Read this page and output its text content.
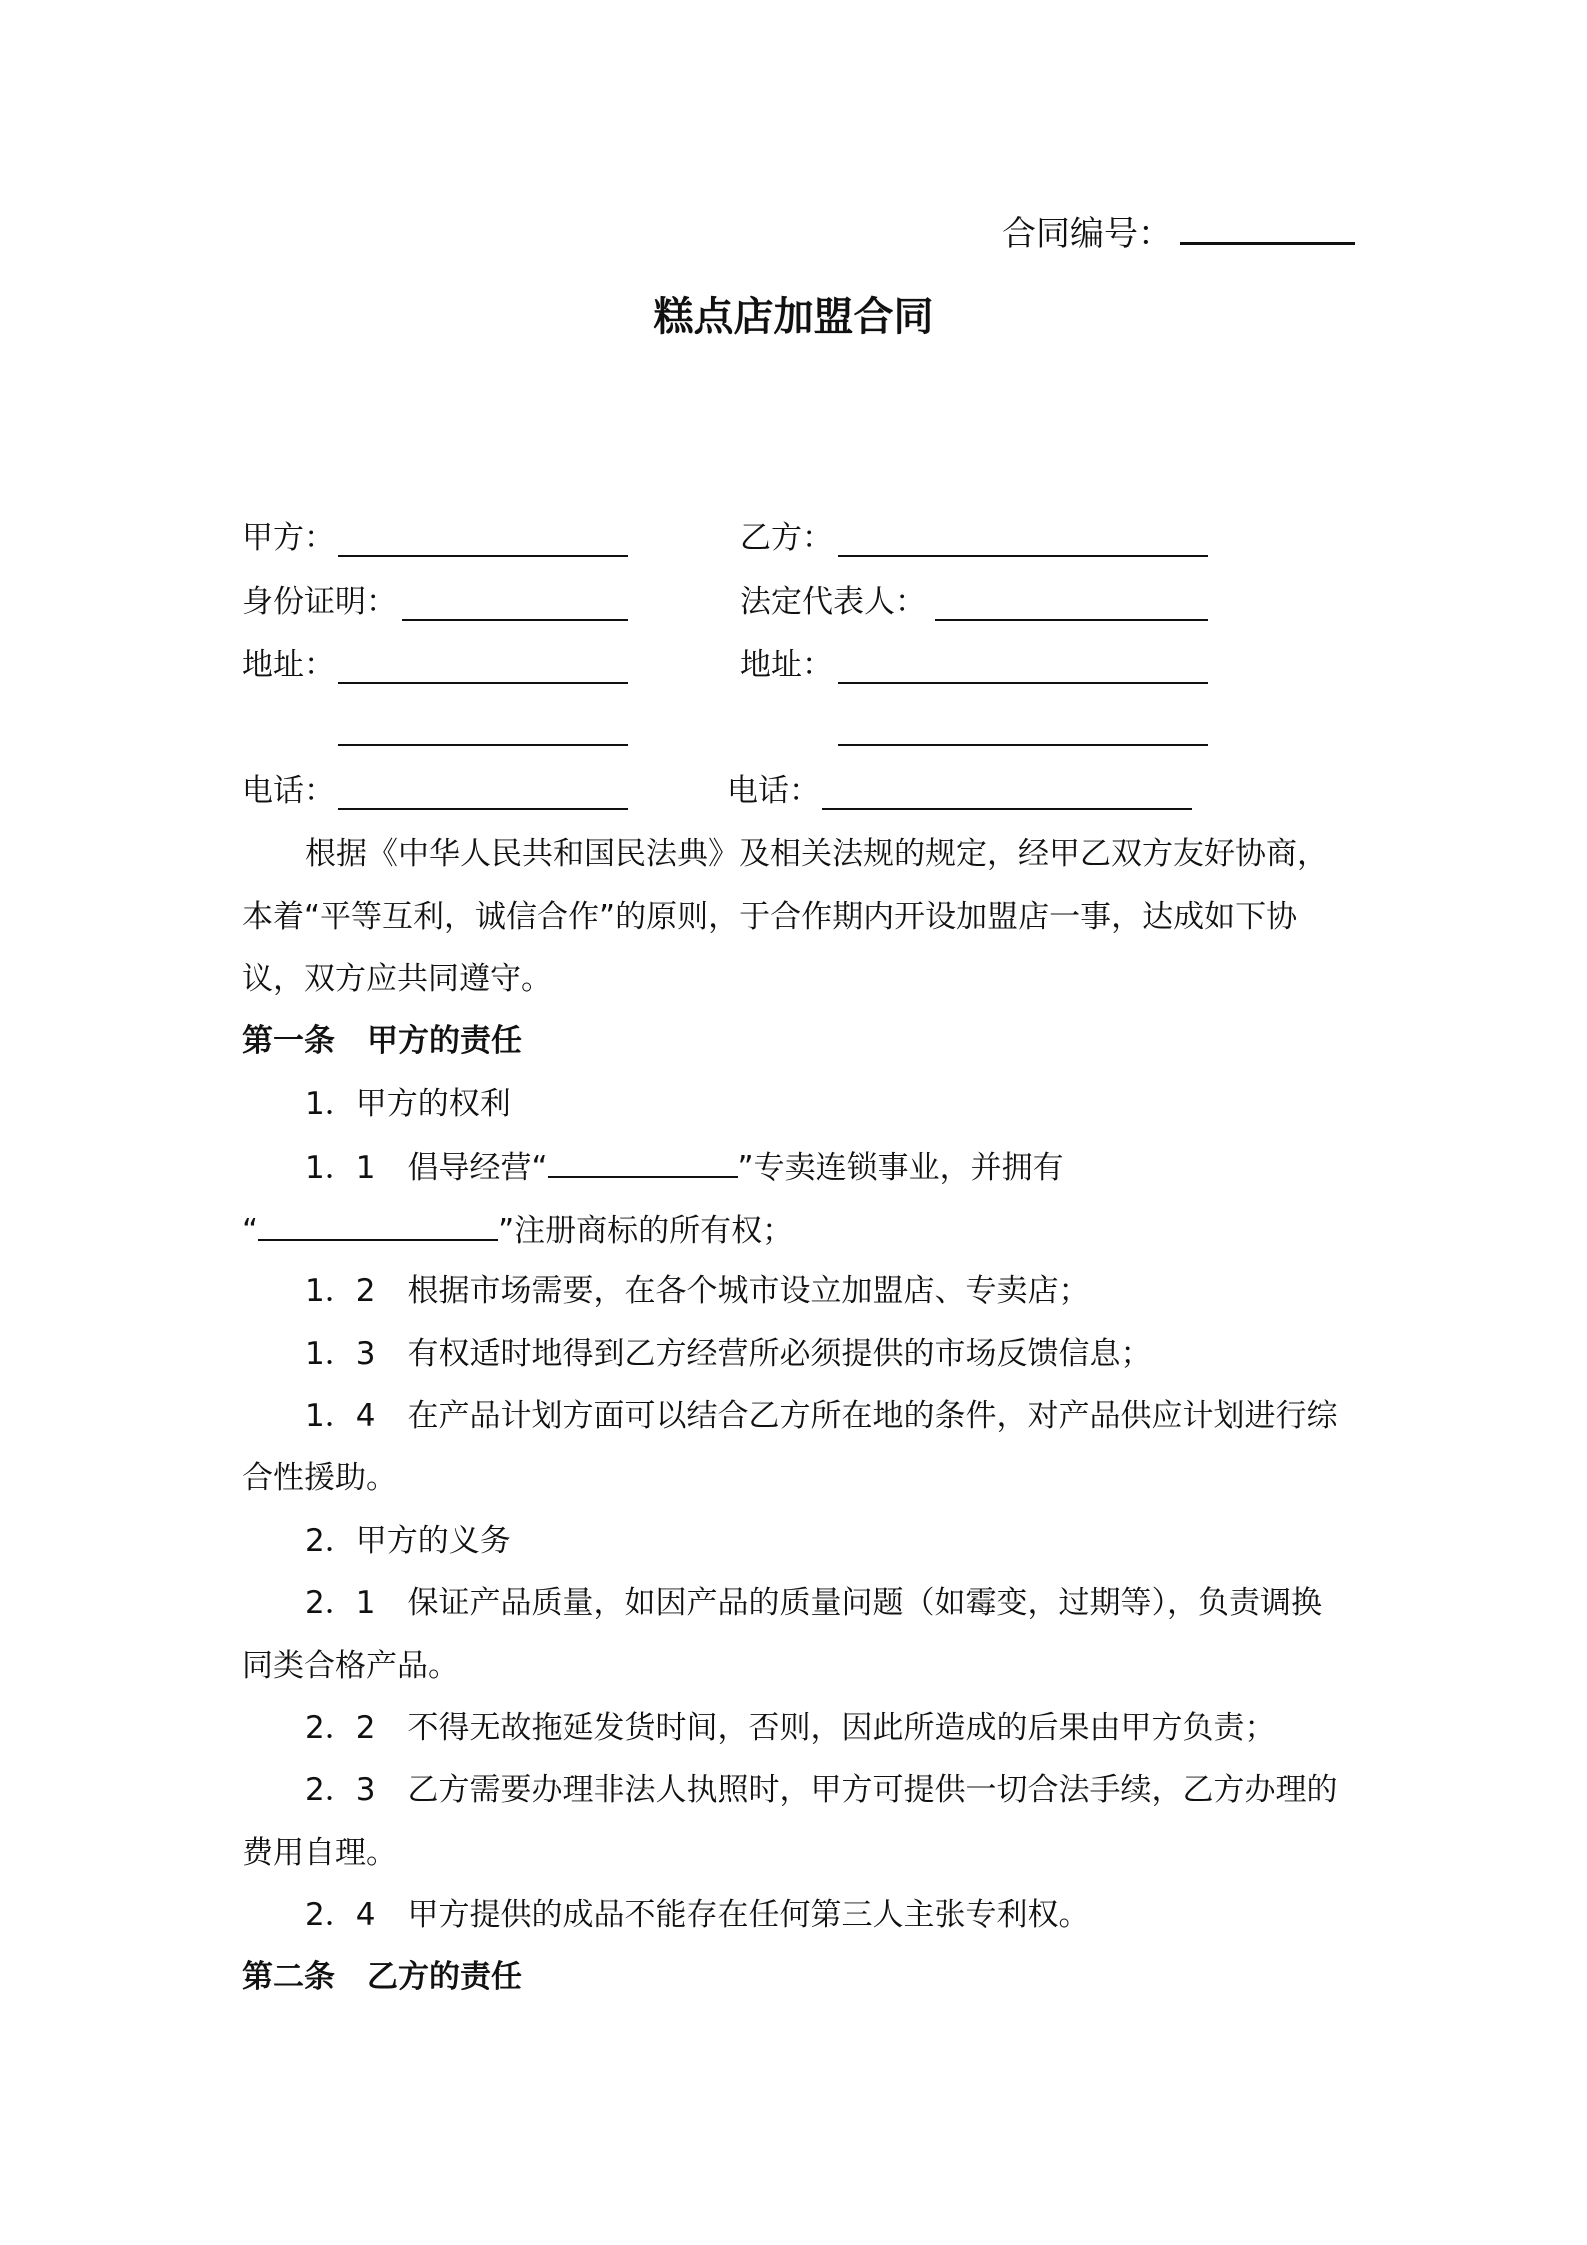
合同编号：
糕点店加盟合同
甲方：	乙方：
身份证明：	法定代表人：
地址：	地址：
电话：	电话：
根据《中华人民共和国民法典》及相关法规的规定，经甲乙双方友好协商，
本着“平等互利，诚信合作”的原则，于合作期内开设加盟店一事，达成如下协
议，双方应共同遵守。
第一条 甲方的责任
1．甲方的权利
1．1 倡导经营“	”专卖连锁事业，并拥有
“	”注册商标的所有权；
1．2 根据市场需要，在各个城市设立加盟店、专卖店；
1．3 有权适时地得到乙方经营所必须提供的市场反馈信息；
1．4 在产品计划方面可以结合乙方所在地的条件，对产品供应计划进行综
合性援助。
2．甲方的义务
2．1 保证产品质量，如因产品的质量问题（如霉变，过期等），负责调换
同类合格产品。
2．2 不得无故拖延发货时间，否则，因此所造成的后果由甲方负责；
2．3 乙方需要办理非法人执照时，甲方可提供一切合法手续，乙方办理的
费用自理。
2．4 甲方提供的成品不能存在任何第三人主张专利权。
第二条 乙方的责任
